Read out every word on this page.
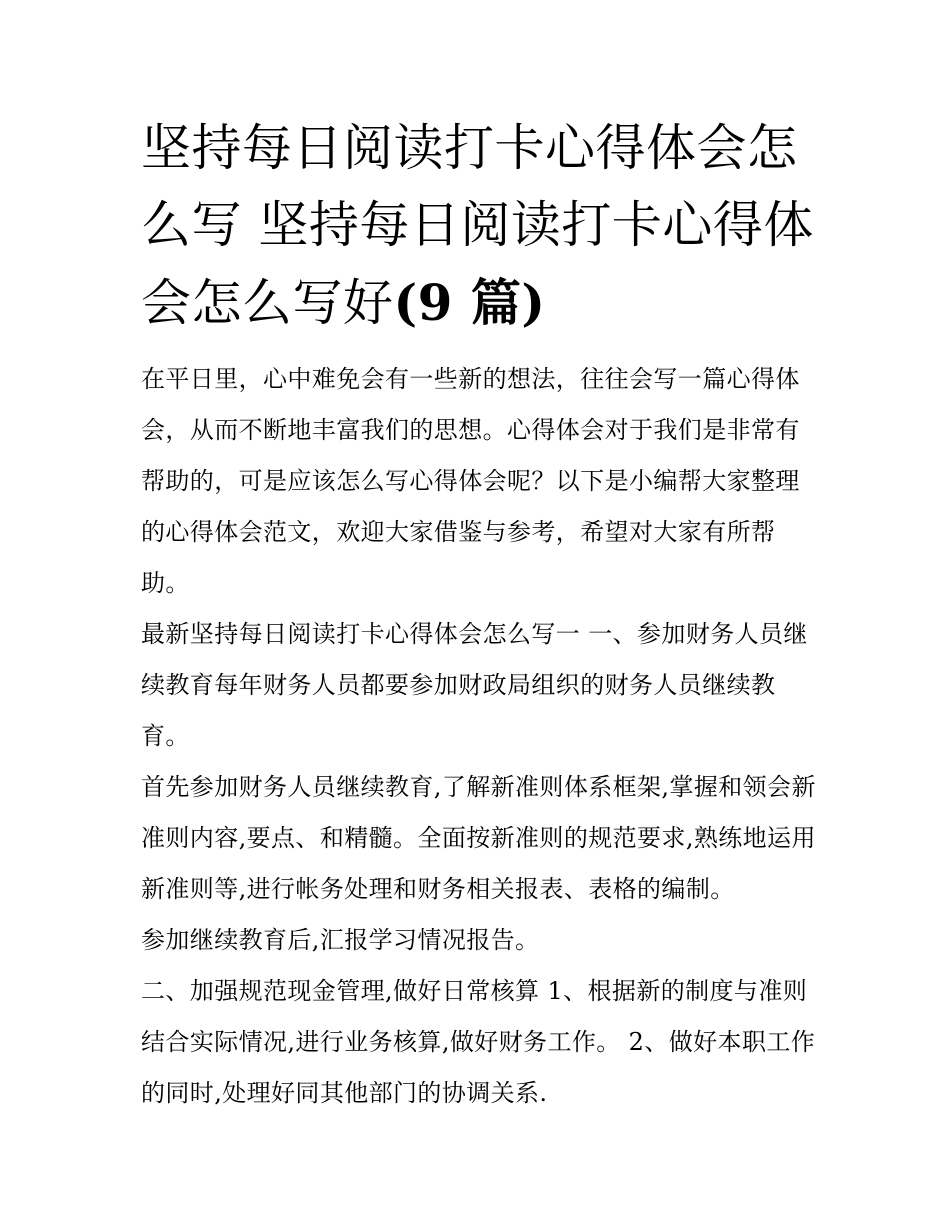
坚持每日阅读打卡心得体会怎么写 坚持每日阅读打卡心得体会怎么写好(9 篇)

在平日里，心中难免会有一些新的想法，往往会写一篇心得体会，从而不断地丰富我们的思想。心得体会对于我们是非常有帮助的，可是应该怎么写心得体会呢？以下是小编帮大家整理的心得体会范文，欢迎大家借鉴与参考，希望对大家有所帮助。

最新坚持每日阅读打卡心得体会怎么写一 一、参加财务人员继续教育每年财务人员都要参加财政局组织的财务人员继续教育。

首先参加财务人员继续教育,了解新准则体系框架,掌握和领会新准则内容,要点、和精髓。全面按新准则的规范要求,熟练地运用新准则等,进行帐务处理和财务相关报表、表格的编制。

参加继续教育后,汇报学习情况报告。

二、加强规范现金管理,做好日常核算 1、根据新的制度与准则结合实际情况,进行业务核算,做好财务工作。 2、做好本职工作的同时,处理好同其他部门的协调关系.
